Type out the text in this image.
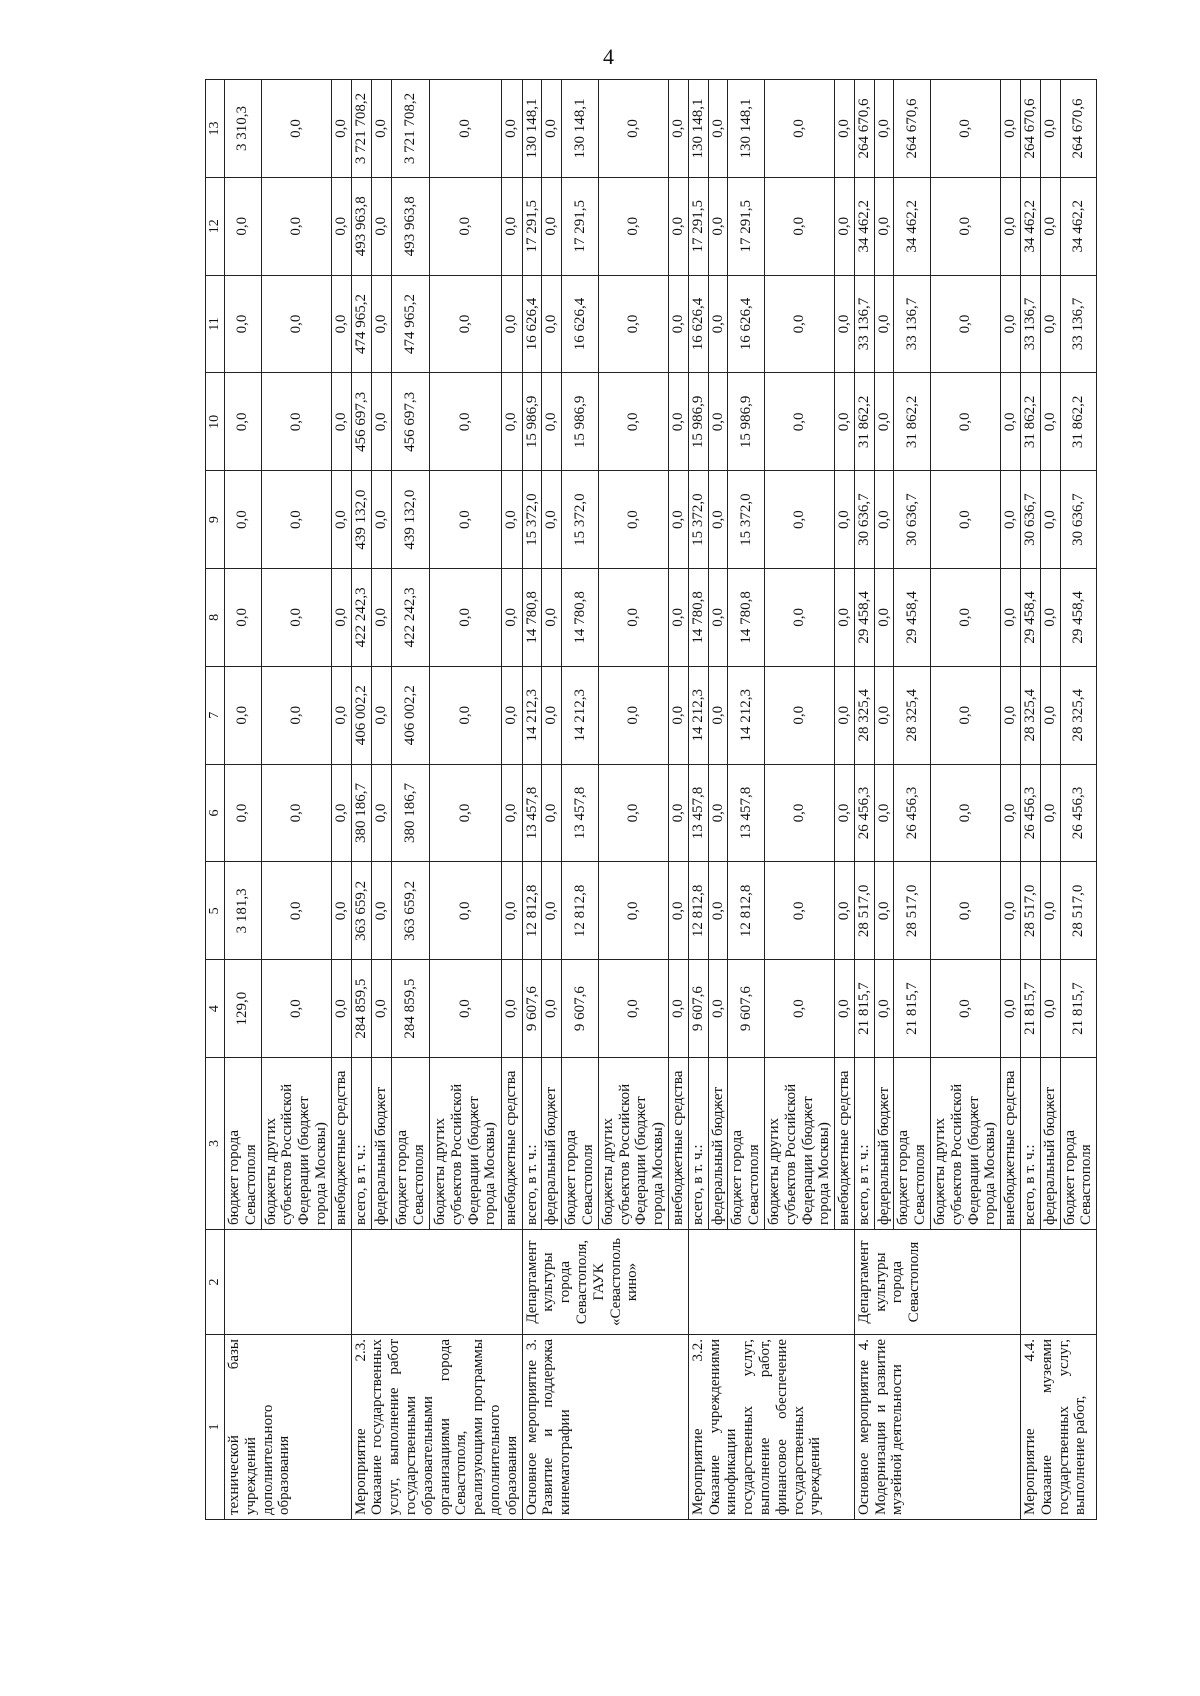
4
1	2	3	4	5	6	7	8	9	10	11	12	13
технической базы учреждений дополнительного образования		бюджет города Севастополя	129,0	3 181,3	0,0	0,0	0,0	0,0	0,0	0,0	0,0	3 310,3
		бюджеты других субъектов Российской Федерации (бюджет города Москвы)	0,0	0,0	0,0	0,0	0,0	0,0	0,0	0,0	0,0	0,0
		внебюджетные средства	0,0	0,0	0,0	0,0	0,0	0,0	0,0	0,0	0,0	0,0
Мероприятие 2.3. Оказание государственных услуг, выполнение работ государственными образовательными организациями города Севастополя, реализующими программы дополнительного образования		всего, в т. ч.:	284 859,5	363 659,2	380 186,7	406 002,2	422 242,3	439 132,0	456 697,3	474 965,2	493 963,8	3 721 708,2
		федеральный бюджет	0,0	0,0	0,0	0,0	0,0	0,0	0,0	0,0	0,0	0,0
		бюджет города Севастополя	284 859,5	363 659,2	380 186,7	406 002,2	422 242,3	439 132,0	456 697,3	474 965,2	493 963,8	3 721 708,2
		бюджеты других субъектов Российской Федерации (бюджет города Москвы)	0,0	0,0	0,0	0,0	0,0	0,0	0,0	0,0	0,0	0,0
		внебюджетные средства	0,0	0,0	0,0	0,0	0,0	0,0	0,0	0,0	0,0	0,0
Основное мероприятие 3. Развитие и поддержка кинематографии	Департамент культуры города Севастополя, ГАУК «Севастополь кино»	всего, в т. ч.:	9 607,6	12 812,8	13 457,8	14 212,3	14 780,8	15 372,0	15 986,9	16 626,4	17 291,5	130 148,1
		федеральный бюджет	0,0	0,0	0,0	0,0	0,0	0,0	0,0	0,0	0,0	0,0
		бюджет города Севастополя	9 607,6	12 812,8	13 457,8	14 212,3	14 780,8	15 372,0	15 986,9	16 626,4	17 291,5	130 148,1
		бюджеты других субъектов Российской Федерации (бюджет города Москвы)	0,0	0,0	0,0	0,0	0,0	0,0	0,0	0,0	0,0	0,0
		внебюджетные средства	0,0	0,0	0,0	0,0	0,0	0,0	0,0	0,0	0,0	0,0
Мероприятие 3.2. Оказание учреждениями кинофикации государственных услуг, выполнение работ, финансовое обеспечение государственных учреждений		всего, в т. ч.:	9 607,6	12 812,8	13 457,8	14 212,3	14 780,8	15 372,0	15 986,9	16 626,4	17 291,5	130 148,1
		федеральный бюджет	0,0	0,0	0,0	0,0	0,0	0,0	0,0	0,0	0,0	0,0
		бюджет города Севастополя	9 607,6	12 812,8	13 457,8	14 212,3	14 780,8	15 372,0	15 986,9	16 626,4	17 291,5	130 148,1
		бюджеты других субъектов Российской Федерации (бюджет города Москвы)	0,0	0,0	0,0	0,0	0,0	0,0	0,0	0,0	0,0	0,0
		внебюджетные средства	0,0	0,0	0,0	0,0	0,0	0,0	0,0	0,0	0,0	0,0
Основное мероприятие 4. Модернизация и развитие музейной деятельности	Департамент культуры города Севастополя	всего, в т. ч.:	21 815,7	28 517,0	26 456,3	28 325,4	29 458,4	30 636,7	31 862,2	33 136,7	34 462,2	264 670,6
		федеральный бюджет	0,0	0,0	0,0	0,0	0,0	0,0	0,0	0,0	0,0	0,0
		бюджет города Севастополя	21 815,7	28 517,0	26 456,3	28 325,4	29 458,4	30 636,7	31 862,2	33 136,7	34 462,2	264 670,6
		бюджеты других субъектов Российской Федерации (бюджет города Москвы)	0,0	0,0	0,0	0,0	0,0	0,0	0,0	0,0	0,0	0,0
		внебюджетные средства	0,0	0,0	0,0	0,0	0,0	0,0	0,0	0,0	0,0	0,0
Мероприятие 4.4. Оказание музеями государственных услуг, выполнение работ,		всего, в т. ч.:	21 815,7	28 517,0	26 456,3	28 325,4	29 458,4	30 636,7	31 862,2	33 136,7	34 462,2	264 670,6
		федеральный бюджет	0,0	0,0	0,0	0,0	0,0	0,0	0,0	0,0	0,0	0,0
		бюджет города Севастополя	21 815,7	28 517,0	26 456,3	28 325,4	29 458,4	30 636,7	31 862,2	33 136,7	34 462,2	264 670,6
